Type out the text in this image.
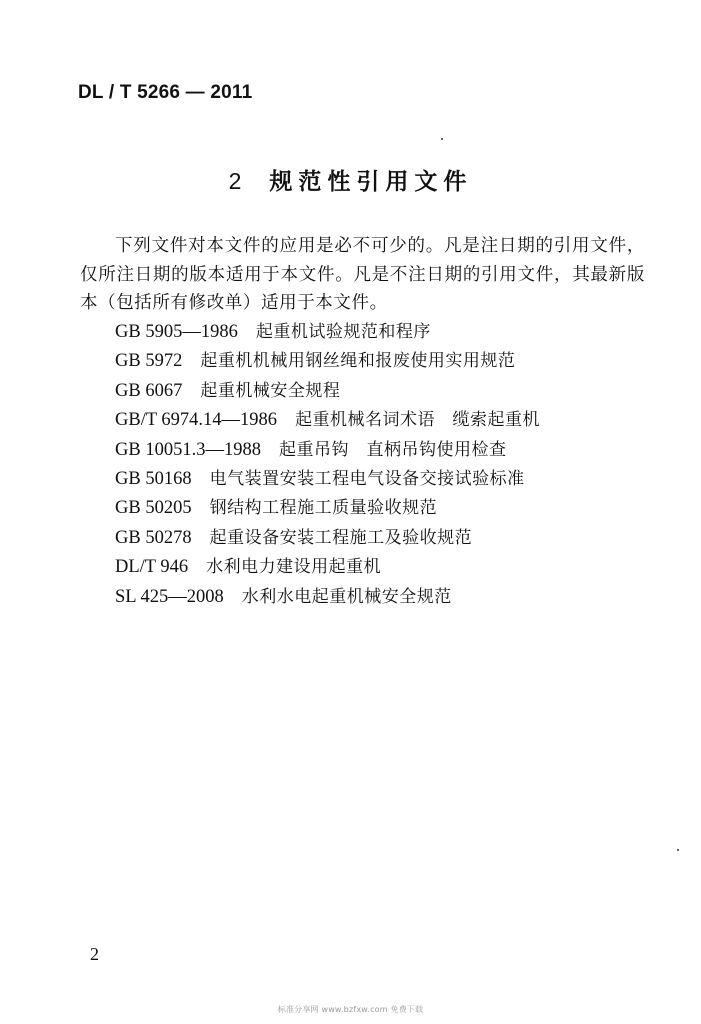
DL / T 5266 — 2011
2 规范性引用文件

下列文件对本文件的应用是必不可少的。凡是注日期的引用文件，仅所注日期的版本适用于本文件。凡是不注日期的引用文件，其最新版本（包括所有修改单）适用于本文件。

GB 5905—1986 起重机试验规范和程序
GB 5972 起重机机械用钢丝绳和报废使用实用规范
GB 6067 起重机械安全规程
GB/T 6974.14—1986 起重机械名词术语　缆索起重机
GB 10051.3—1988 起重吊钩　直柄吊钩使用检查
GB 50168 电气装置安装工程电气设备交接试验标准
GB 50205 钢结构工程施工质量验收规范
GB 50278 起重设备安装工程施工及验收规范
DL/T 946 水利电力建设用起重机
SL 425—2008 水利水电起重机械安全规范
2
标准分享网 www.bzfxw.com 免费下载
